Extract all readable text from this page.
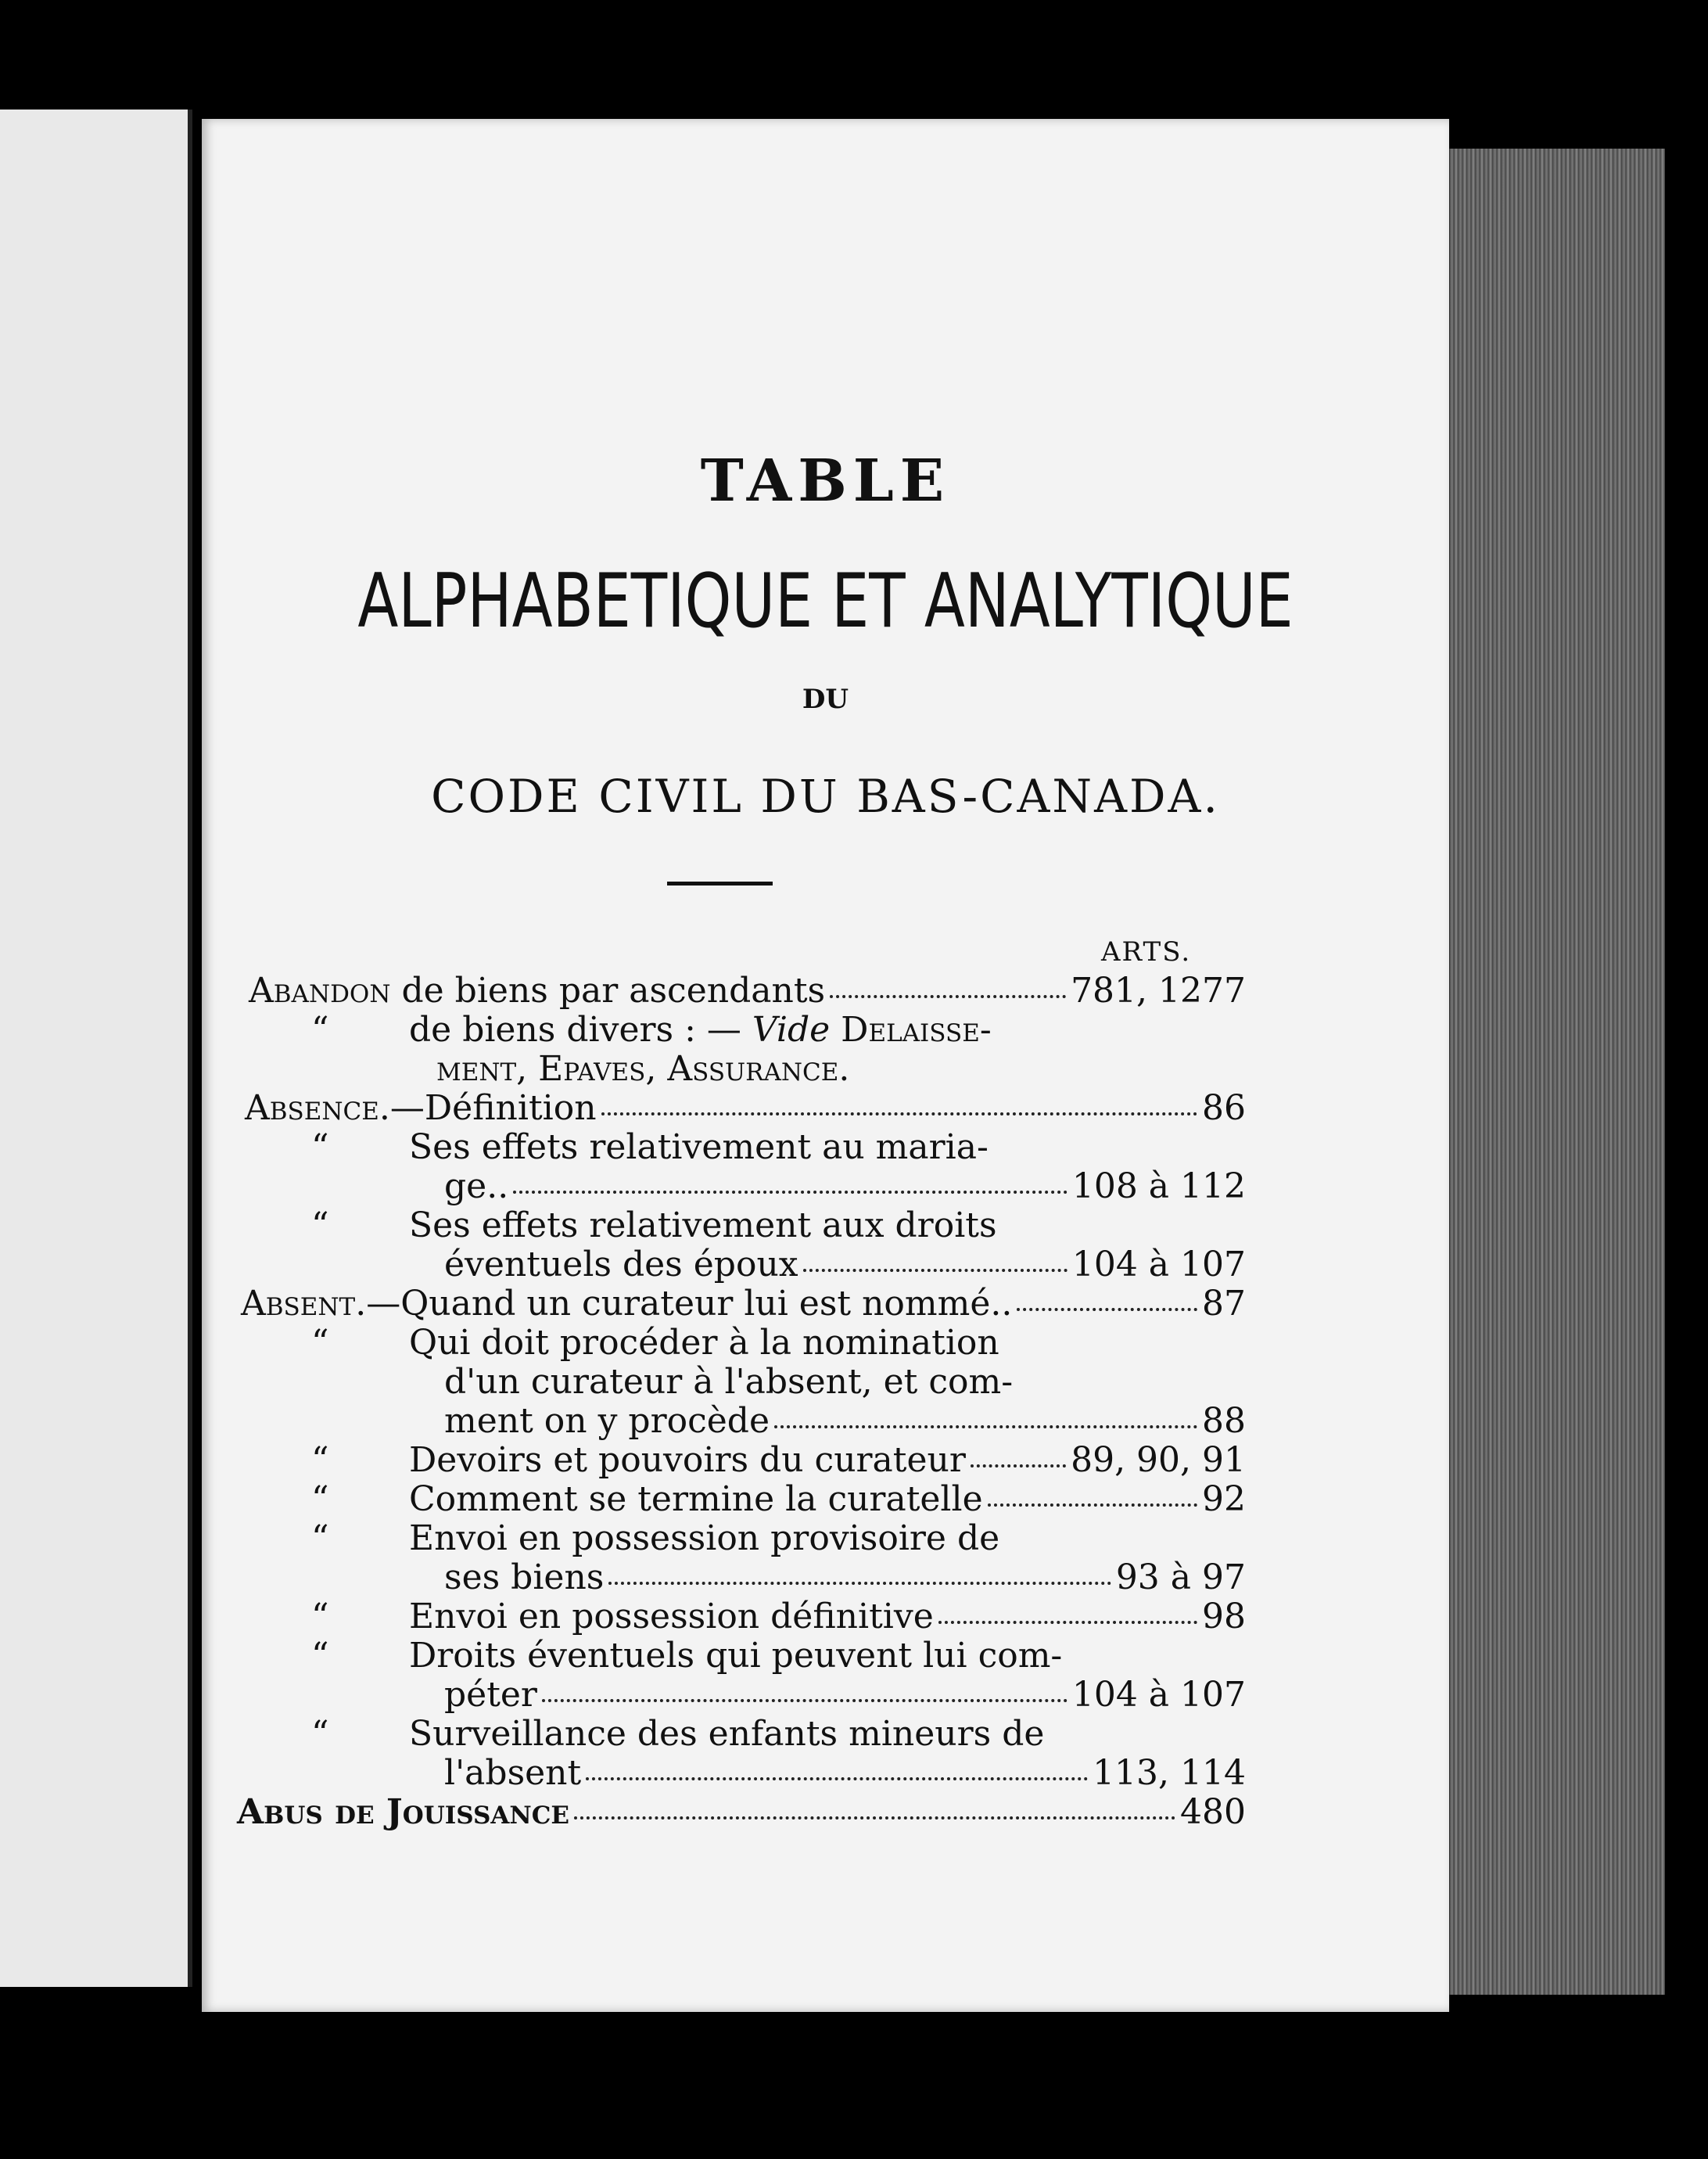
TABLE
ALPHABETIQUE ET ANALYTIQUE
DU
CODE CIVIL DU BAS-CANADA.
ARTS.
Abandon de biens par ascendants	781, 1277
“ de biens divers : — Vide Delaisse-
ment, Epaves, Assurance.
Absence.—Définition	86
“ Ses effets relativement au maria-
ge..	108 à 112
“ Ses effets relativement aux droits
éventuels des époux	104 à 107
Absent.—Quand un curateur lui est nommé..	87
“ Qui doit procéder à la nomination
d'un curateur à l'absent, et com-
ment on y procède	88
“ Devoirs et pouvoirs du curateur	89, 90, 91
“ Comment se termine la curatelle	92
“ Envoi en possession provisoire de
ses biens	93 à 97
“ Envoi en possession définitive	98
“ Droits éventuels qui peuvent lui com-
péter	104 à 107
“ Surveillance des enfants mineurs de
l'absent	113, 114
Abus de Jouissance	480
